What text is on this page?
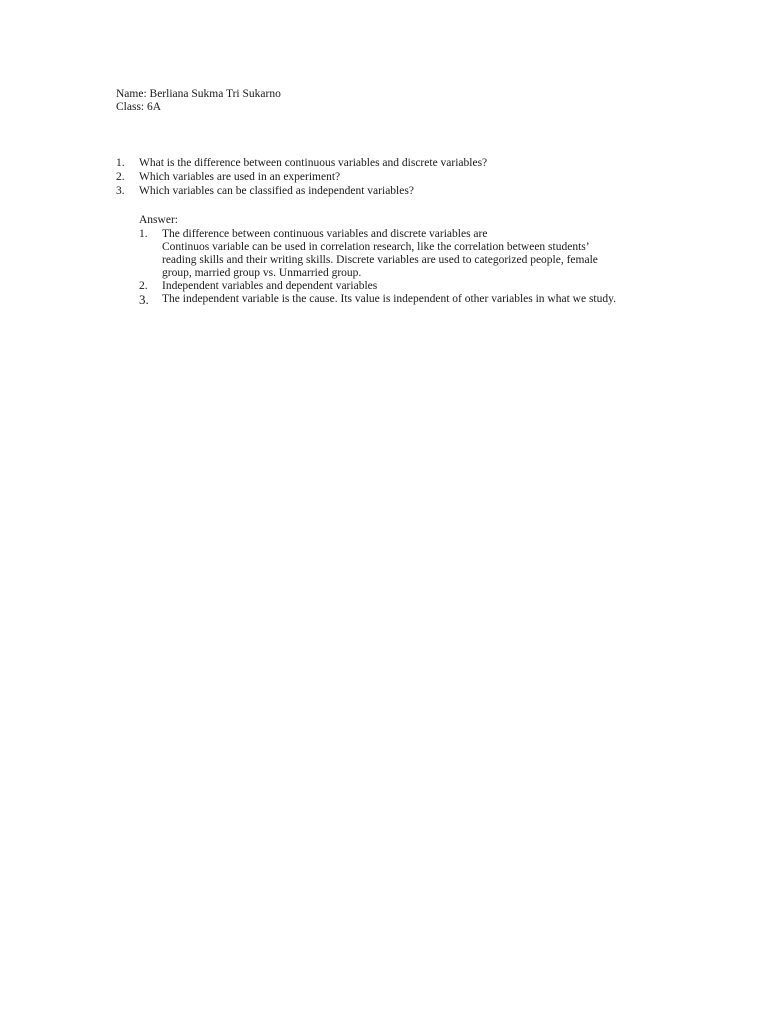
Name: Berliana Sukma Tri Sukarno
Class: 6A
1.	What is the difference between continuous variables and discrete variables?
2.	Which variables are used in an experiment?
3.	Which variables can be classified as independent variables?
Answer:
1.	The difference between continuous variables and discrete variables are
Continuos variable can be used in correlation research, like the correlation between students’
reading skills and their writing skills. Discrete variables are used to categorized people, female
group, married group vs. Unmarried group.
2.	Independent variables and dependent variables
3.	The independent variable is the cause. Its value is independent of other variables in what we study.
